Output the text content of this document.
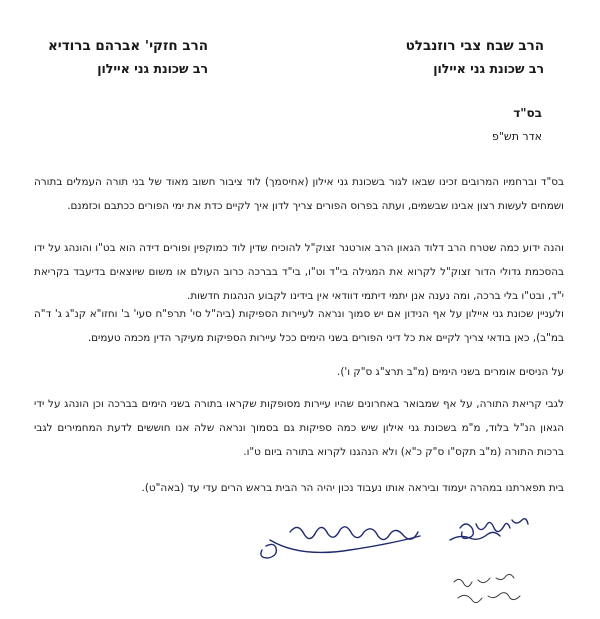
הרב שבח צבי רוזנבלט
רב שכונת גני איילון
הרב חזקי' אברהם ברודיא
רב שכונת גני איילון
בס"ד
אדר תש"פ
בס"ד וברחמיו המרובים זכינו שבאו לגור בשכונת גני אילון (אחיסמך) לוד ציבור חשוב מאוד של בני תורה העמלים בתורה ושמחים לעשות רצון אבינו שבשמים, ועתה בפרוס הפורים צריך לדון איך לקיים כדת את ימי הפורים ככתבם וכזמנם.
והנה ידוע כמה שטרח הרב דלוד הגאון הרב אורטנר זצוק"ל להוכיח שדין לוד כמוקפין ופורים דידה הוא בט"ו והונהג על ידו בהסכמת גדולי הדור זצוק"ל לקרוא את המגילה בי"ד וט"ו, בי"ד בברכה כרוב העולם או משום שיוצאים בדיעבד בקריאת י"ד, ובט"ו בלי ברכה, ומה נענה אנן יתמי דיתמי דוודאי אין בידינו לקבוע הנהגות חדשות.
ולעניין שכונת גני איילון על אף הנידון אם יש סמוך ונראה לעיירות הספיקות (ביה"ל סי' תרפ"ח סעי' ב' וחזו"א קנ"ג ג' ד"ה במ"ב), כאן בודאי צריך לקיים את כל דיני הפורים בשני הימים ככל עיירות הספיקות מעיקר הדין מכמה טעמים.
על הניסים אומרים בשני הימים (מ"ב תרצ"ג ס"ק ו').
לגבי קריאת התורה, על אף שמבואר באחרונים שהיו עיירות מסופקות שקראו בתורה בשני הימים בברכה וכן הונהג על ידי הגאון הנ"ל בלוד, מ"מ בשכונת גני אילון שיש כמה ספיקות גם בסמוך ונראה שלה אנו חוששים לדעת המחמירים לגבי ברכות התורה (מ"ב תקס"ו ס"ק כ"א) ולא הנהגנו לקרוא בתורה ביום ט"ו.
בית תפארתנו במהרה יעמוד וביראה אותו נעבוד נכון יהיה הר הבית בראש הרים עדי עד (באה"ט).
